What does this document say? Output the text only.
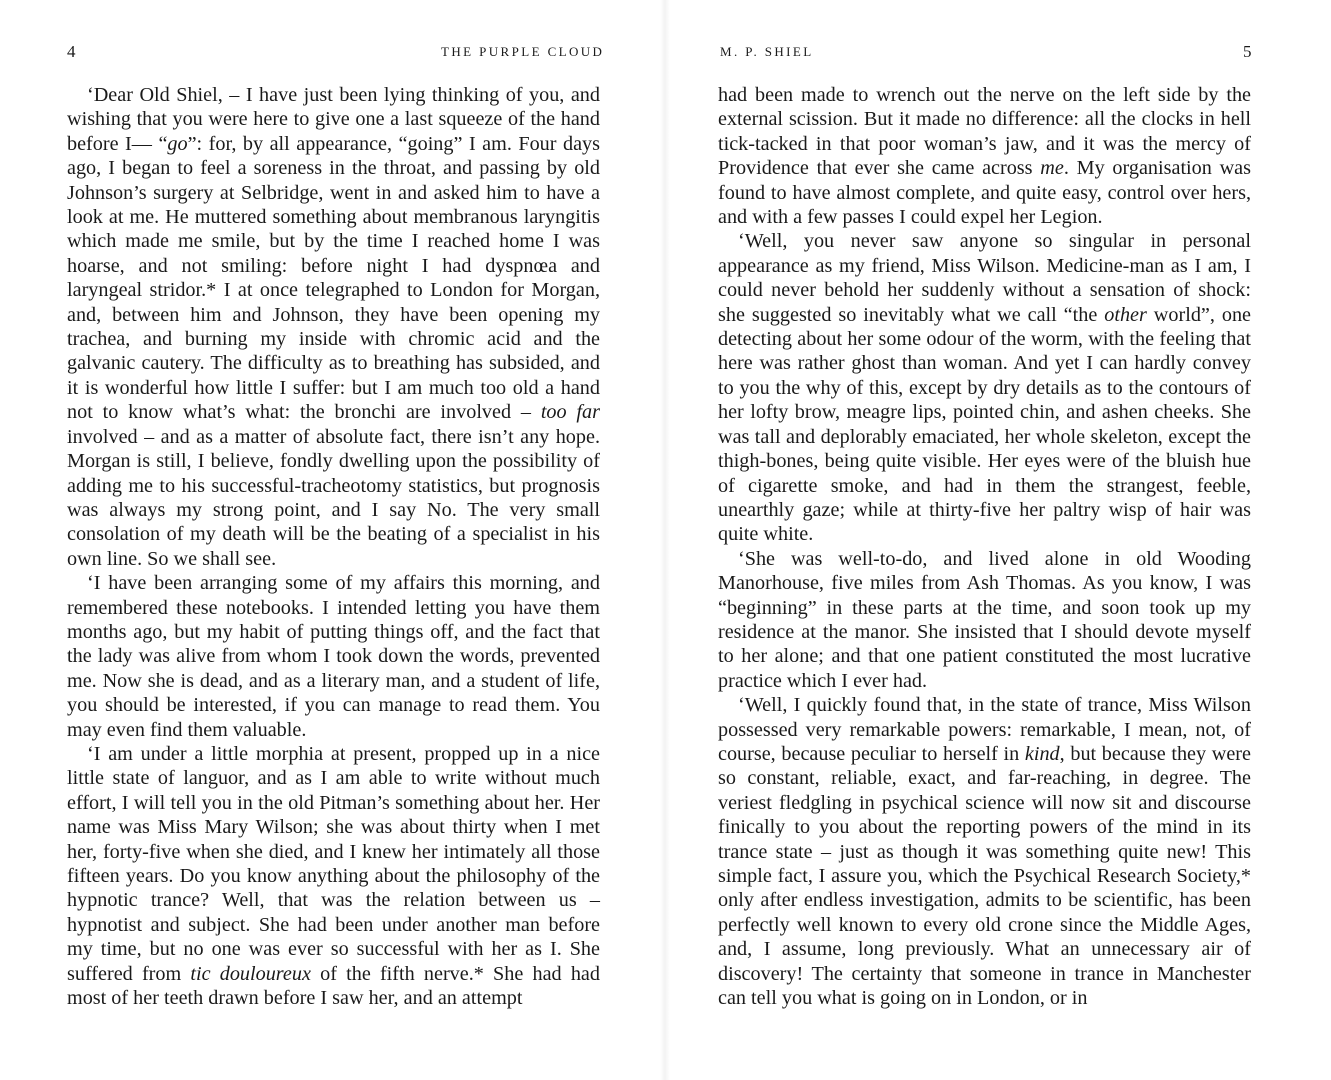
4	THE PURPLE CLOUD

‘Dear Old Shiel, – I have just been lying thinking of you, and wishing that you were here to give one a last squeeze of the hand before I— “go”: for, by all appearance, “going” I am. Four days ago, I began to feel a soreness in the throat, and passing by old Johnson’s surgery at Selbridge, went in and asked him to have a look at me. He muttered something about membranous laryngitis which made me smile, but by the time I reached home I was hoarse, and not smiling: before night I had dyspnœa and laryngeal stridor.* I at once telegraphed to London for Morgan, and, between him and Johnson, they have been opening my trachea, and burning my inside with chromic acid and the galvanic cautery. The difficulty as to breathing has subsided, and it is wonderful how little I suffer: but I am much too old a hand not to know what’s what: the bronchi are involved – too far involved – and as a matter of absolute fact, there isn’t any hope. Morgan is still, I believe, fondly dwelling upon the possibility of adding me to his successful-tracheotomy statistics, but prognosis was always my strong point, and I say No. The very small consolation of my death will be the beating of a specialist in his own line. So we shall see.

‘I have been arranging some of my affairs this morning, and remembered these notebooks. I intended letting you have them months ago, but my habit of putting things off, and the fact that the lady was alive from whom I took down the words, prevented me. Now she is dead, and as a literary man, and a student of life, you should be interested, if you can manage to read them. You may even find them valuable.

‘I am under a little morphia at present, propped up in a nice little state of languor, and as I am able to write without much effort, I will tell you in the old Pitman’s something about her. Her name was Miss Mary Wilson; she was about thirty when I met her, forty-five when she died, and I knew her intimately all those fifteen years. Do you know anything about the philosophy of the hypnotic trance? Well, that was the relation between us – hypnotist and subject. She had been under another man before my time, but no one was ever so successful with her as I. She suffered from tic douloureux of the fifth nerve.* She had had most of her teeth drawn before I saw her, and an attempt

M. P. SHIEL	5

had been made to wrench out the nerve on the left side by the external scission. But it made no difference: all the clocks in hell tick-tacked in that poor woman’s jaw, and it was the mercy of Providence that ever she came across me. My organisation was found to have almost complete, and quite easy, control over hers, and with a few passes I could expel her Legion.

‘Well, you never saw anyone so singular in personal appearance as my friend, Miss Wilson. Medicine-man as I am, I could never behold her suddenly without a sensation of shock: she suggested so inevitably what we call “the other world”, one detecting about her some odour of the worm, with the feeling that here was rather ghost than woman. And yet I can hardly convey to you the why of this, except by dry details as to the contours of her lofty brow, meagre lips, pointed chin, and ashen cheeks. She was tall and deplorably emaciated, her whole skeleton, except the thigh-bones, being quite visible. Her eyes were of the bluish hue of cigarette smoke, and had in them the strangest, feeble, unearthly gaze; while at thirty-five her paltry wisp of hair was quite white.

‘She was well-to-do, and lived alone in old Wooding Manorhouse, five miles from Ash Thomas. As you know, I was “beginning” in these parts at the time, and soon took up my residence at the manor. She insisted that I should devote myself to her alone; and that one patient constituted the most lucrative practice which I ever had.

‘Well, I quickly found that, in the state of trance, Miss Wilson possessed very remarkable powers: remarkable, I mean, not, of course, because peculiar to herself in kind, but because they were so constant, reliable, exact, and far-reaching, in degree. The veriest fledgling in psychical science will now sit and discourse finically to you about the reporting powers of the mind in its trance state – just as though it was something quite new! This simple fact, I assure you, which the Psychical Research Society,* only after endless investigation, admits to be scientific, has been perfectly well known to every old crone since the Middle Ages, and, I assume, long previously. What an unnecessary air of discovery! The certainty that someone in trance in Manchester can tell you what is going on in London, or in
